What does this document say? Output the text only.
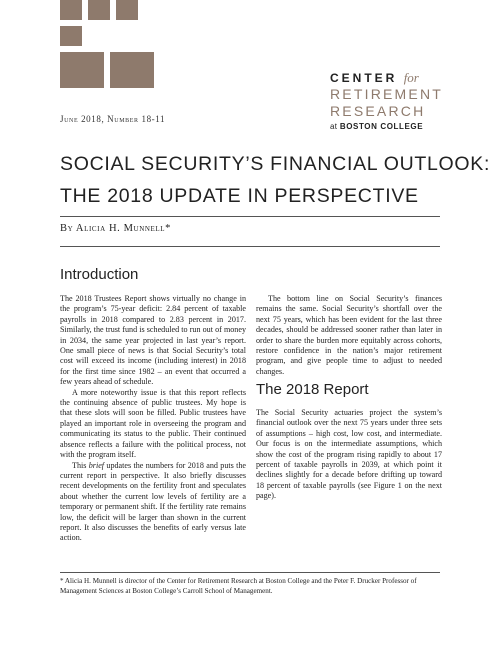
CENTER for
RETIREMENT
RESEARCH
at BOSTON COLLEGE
June 2018, Number 18-11
SOCIAL SECURITY’S FINANCIAL OUTLOOK:
THE 2018 UPDATE IN PERSPECTIVE
By Alicia H. Munnell*
Introduction

The 2018 Trustees Report shows virtually no change in the program’s 75-year deficit: 2.84 percent of taxable payrolls in 2018 compared to 2.83 percent in 2017. Similarly, the trust fund is scheduled to run out of money in 2034, the same year projected in last year’s report. One small piece of news is that Social Security’s total cost will exceed its income (including interest) in 2018 for the first time since 1982 – an event that occurred a few years ahead of schedule.

A more noteworthy issue is that this report reflects the continuing absence of public trustees. My hope is that these slots will soon be filled. Public trustees have played an important role in overseeing the program and communicating its status to the public. Their continued absence reflects a failure with the political process, not with the program itself.

This brief updates the numbers for 2018 and puts the current report in perspective. It also briefly discusses recent developments on the fertility front and speculates about whether the current low levels of fertility are a temporary or permanent shift. If the fertility rate remains low, the deficit will be larger than shown in the current report. It also discusses the benefits of early versus late action.

The bottom line on Social Security’s finances remains the same. Social Security’s shortfall over the next 75 years, which has been evident for the last three decades, should be addressed sooner rather than later in order to share the burden more equitably across cohorts, restore confidence in the nation’s major retirement program, and give people time to adjust to needed changes.

The 2018 Report

The Social Security actuaries project the system’s financial outlook over the next 75 years under three sets of assumptions – high cost, low cost, and intermediate. Our focus is on the intermediate assumptions, which show the cost of the program rising rapidly to about 17 percent of taxable payrolls in 2039, at which point it declines slightly for a decade before drifting up toward 18 percent of taxable payrolls (see Figure 1 on the next page).

* Alicia H. Munnell is director of the Center for Retirement Research at Boston College and the Peter F. Drucker Professor of Management Sciences at Boston College’s Carroll School of Management.
